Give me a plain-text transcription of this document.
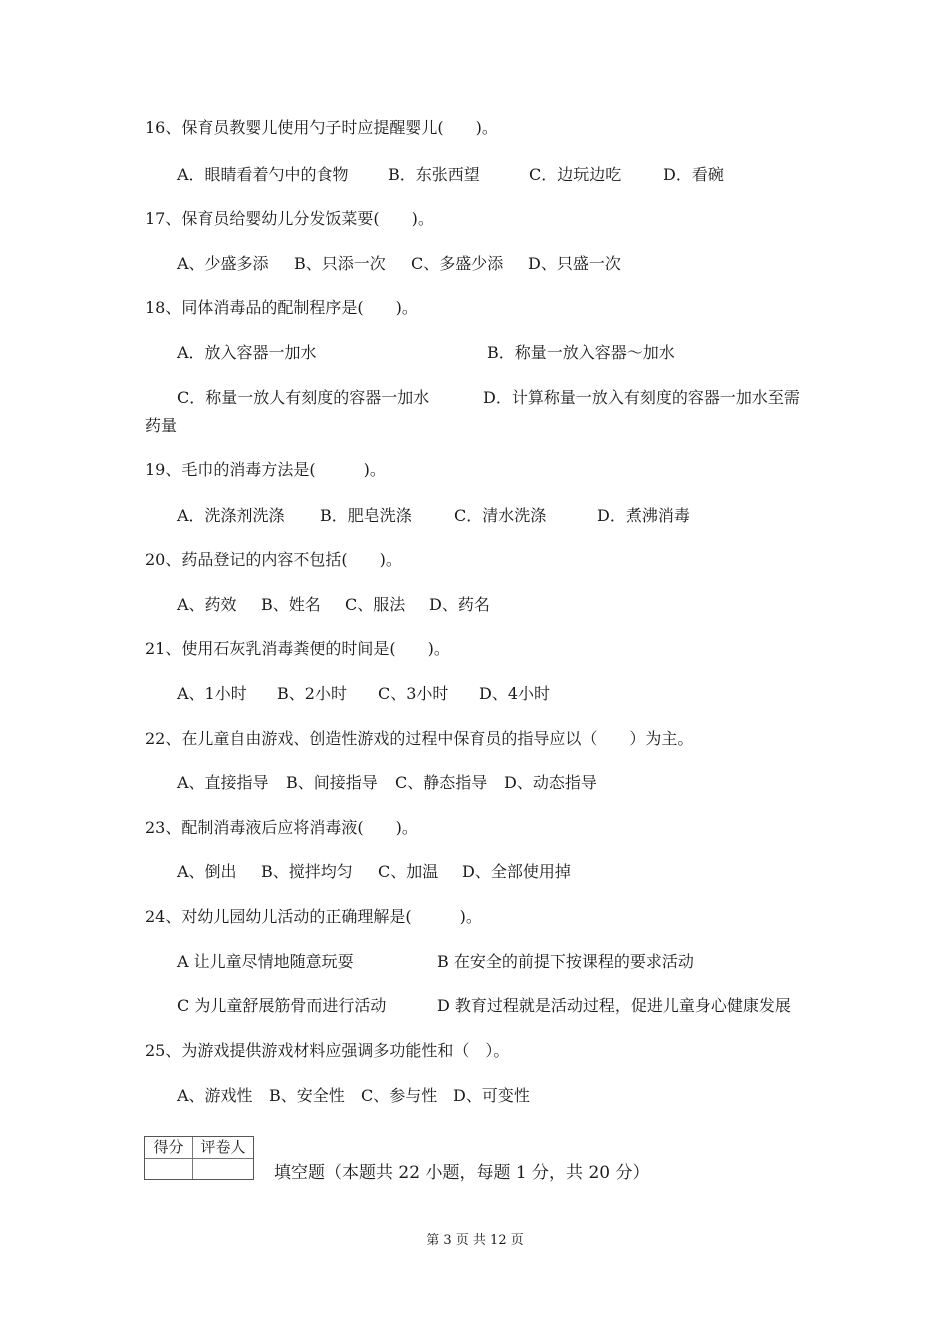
16、保育员教婴儿使用勺子时应提醒婴儿(　　)。
A．眼睛看着勺中的食物 B．东张西望	C．边玩边吃	D．看碗
17、保育员给婴幼儿分发饭菜要(　　)。
A、少盛多添 B、只添一次 C、多盛少添 D、只盛一次
18、同体消毒品的配制程序是(　　)。
A．放入容器一加水	B．称量一放入容器～加水
C．称量一放人有刻度的容器一加水	D．计算称量一放入有刻度的容器一加水至需
药量
19、毛巾的消毒方法是(　　　)。
A．洗涤剂洗涤 B．肥皂洗涤	C．清水洗涤	D．煮沸消毒
20、药品登记的内容不包括(　　)。
A、药效 B、姓名 C、服法 D、药名
21、使用石灰乳消毒粪便的时间是(　　)。
A、1小时 B、2小时 C、3小时 D、4小时
22、在儿童自由游戏、创造性游戏的过程中保育员的指导应以（　　）为主。
A、直接指导 B、间接指导 C、静态指导 D、动态指导
23、配制消毒液后应将消毒液(　　)。
A、倒出 B、搅拌均匀 C、加温 D、全部使用掉
24、对幼儿园幼儿活动的正确理解是(　　　)。
A 让儿童尽情地随意玩耍	B 在安全的前提下按课程的要求活动
C 为儿童舒展筋骨而进行活动	D 教育过程就是活动过程，促进儿童身心健康发展
25、为游戏提供游戏材料应强调多功能性和（　）。
A、游戏性 B、安全性 C、参与性 D、可变性
得分	评卷人
填空题（本题共 22 小题，每题 1 分，共 20 分）
第 3 页 共 12 页
